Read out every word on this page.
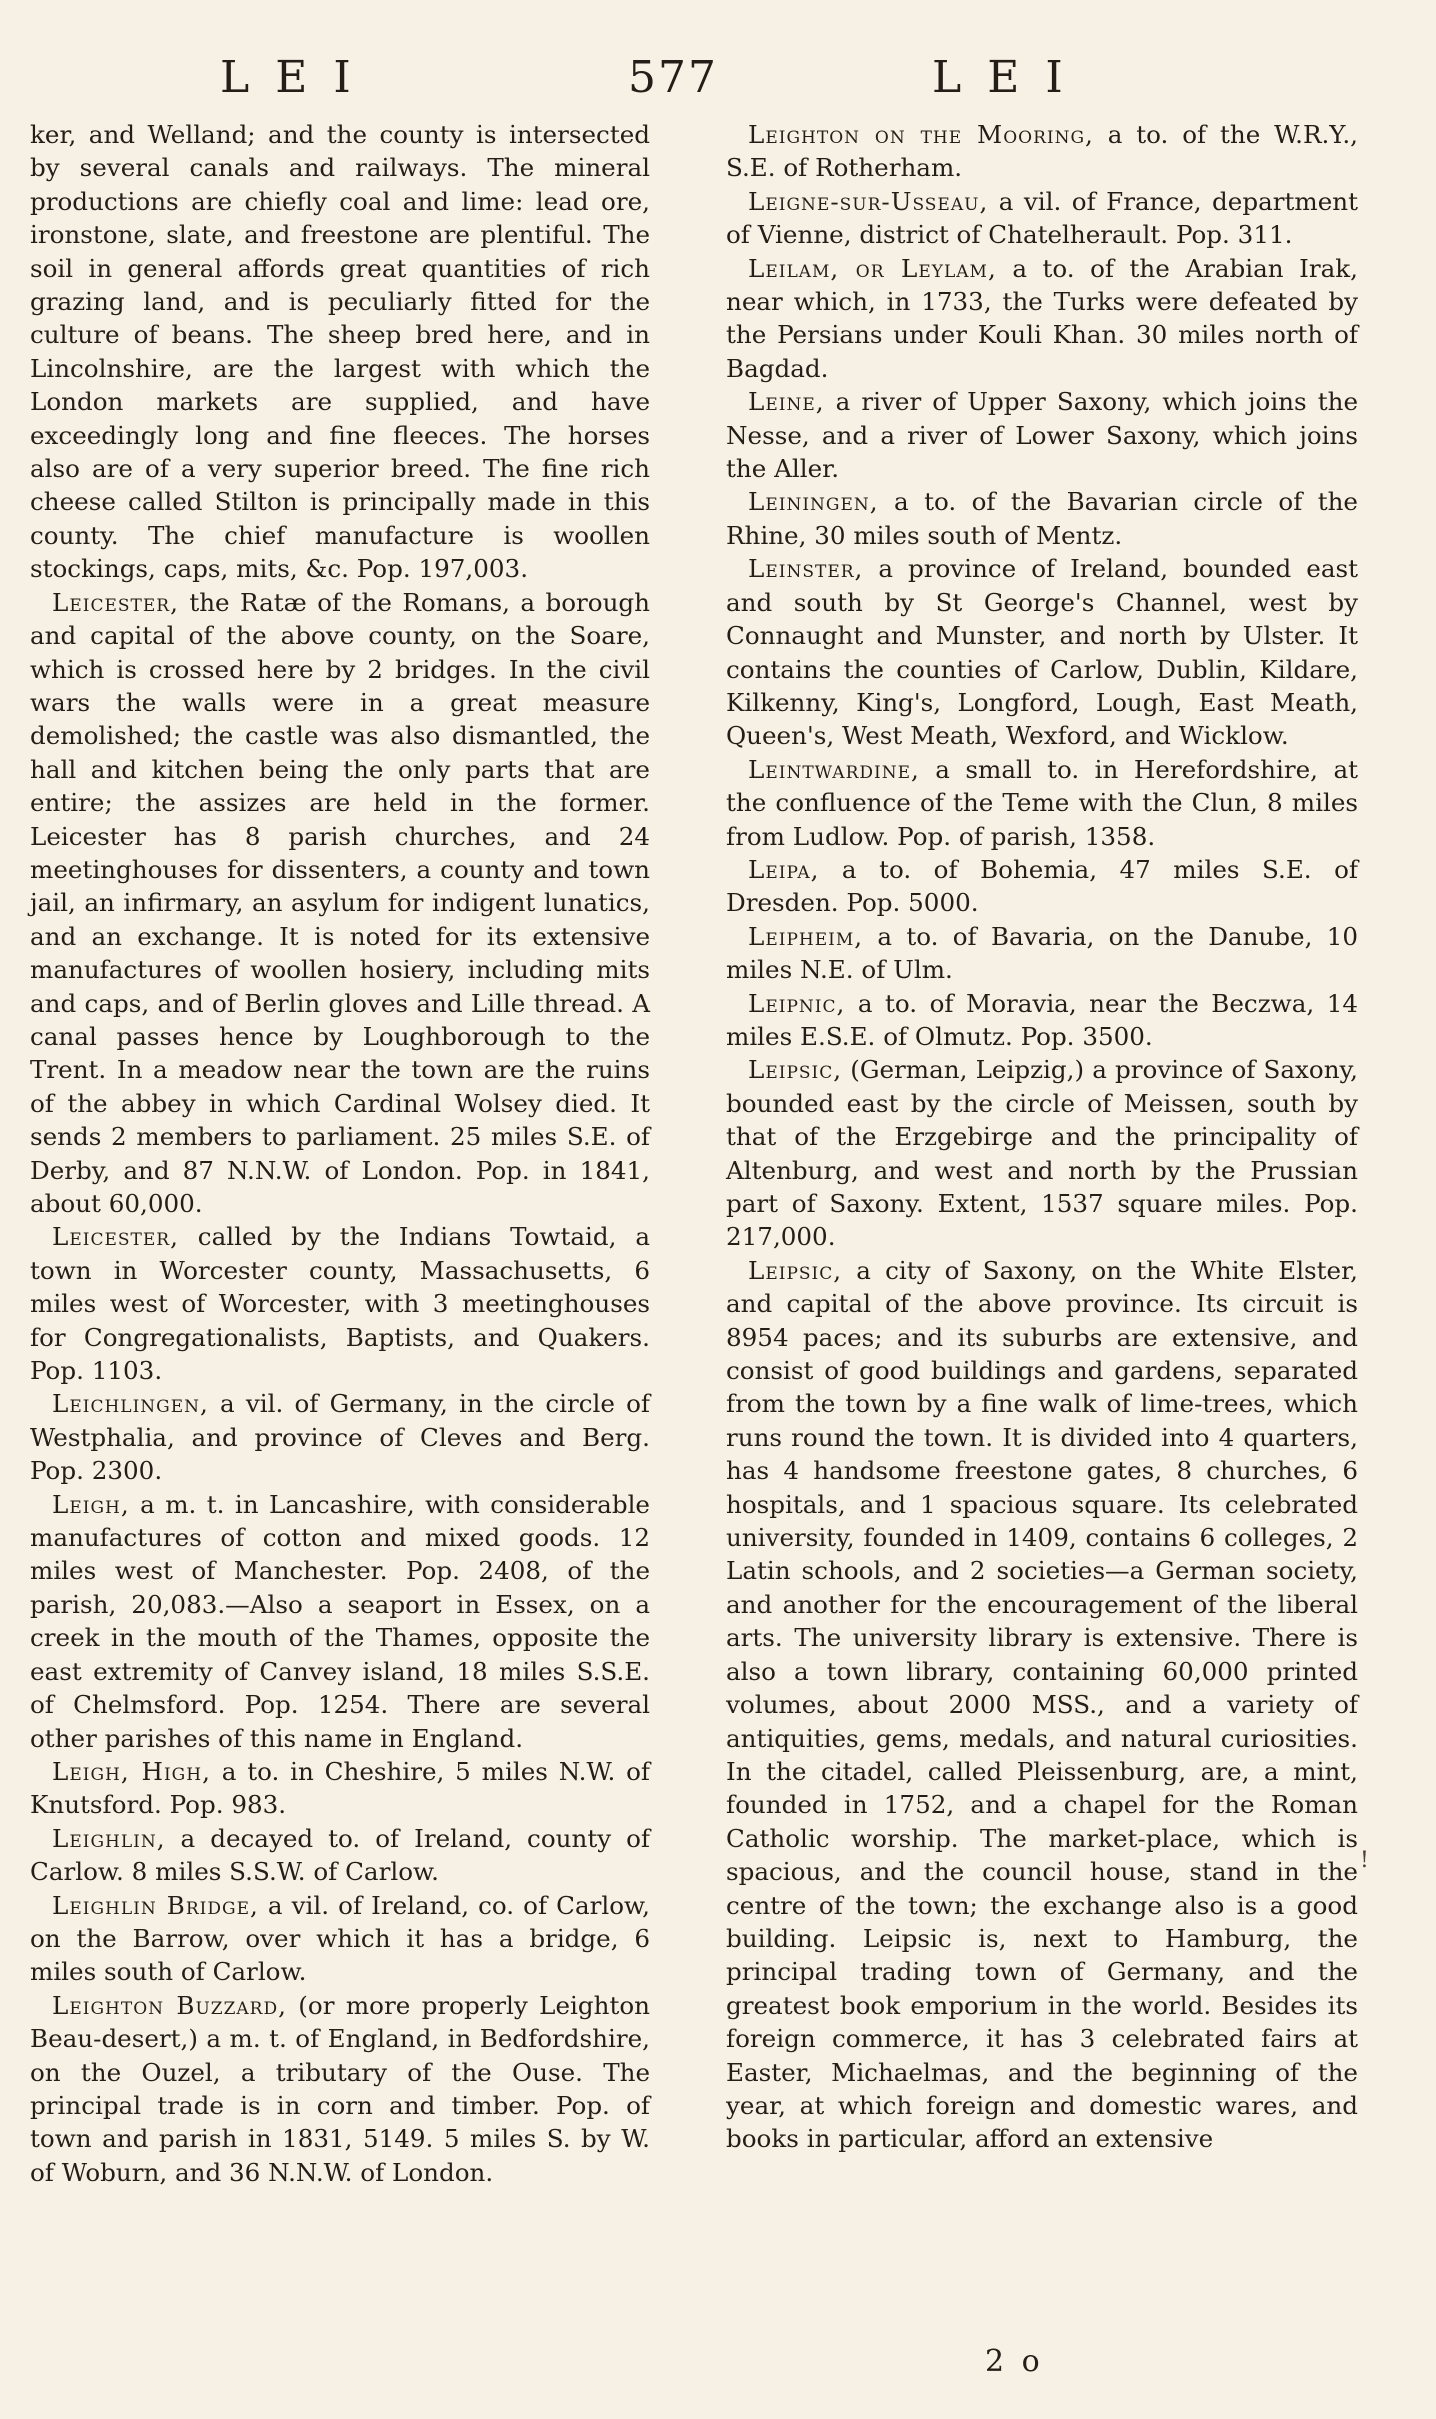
LEI	577	LEI

ker, and Welland; and the county is intersected by several canals and railways. The mineral productions are chiefly coal and lime: lead ore, ironstone, slate, and freestone are plentiful. The soil in general affords great quantities of rich grazing land, and is peculiarly fitted for the culture of beans. The sheep bred here, and in Lincolnshire, are the largest with which the London markets are supplied, and have exceedingly long and fine fleeces. The horses also are of a very superior breed. The fine rich cheese called Stilton is principally made in this county. The chief manufacture is woollen stockings, caps, mits, &c. Pop. 197,003.

Leicester, the Ratæ of the Romans, a borough and capital of the above county, on the Soare, which is crossed here by 2 bridges. In the civil wars the walls were in a great measure demolished; the castle was also dismantled, the hall and kitchen being the only parts that are entire; the assizes are held in the former. Leicester has 8 parish churches, and 24 meetinghouses for dissenters, a county and town jail, an infirmary, an asylum for indigent lunatics, and an exchange. It is noted for its extensive manufactures of woollen hosiery, including mits and caps, and of Berlin gloves and Lille thread. A canal passes hence by Loughborough to the Trent. In a meadow near the town are the ruins of the abbey in which Cardinal Wolsey died. It sends 2 members to parliament. 25 miles S.E. of Derby, and 87 N.N.W. of London. Pop. in 1841, about 60,000.

Leicester, called by the Indians Towtaid, a town in Worcester county, Massachusetts, 6 miles west of Worcester, with 3 meetinghouses for Congregationalists, Baptists, and Quakers. Pop. 1103.

Leichlingen, a vil. of Germany, in the circle of Westphalia, and province of Cleves and Berg. Pop. 2300.

Leigh, a m. t. in Lancashire, with considerable manufactures of cotton and mixed goods. 12 miles west of Manchester. Pop. 2408, of the parish, 20,083.—Also a seaport in Essex, on a creek in the mouth of the Thames, opposite the east extremity of Canvey island, 18 miles S.S.E. of Chelmsford. Pop. 1254. There are several other parishes of this name in England.

Leigh, High, a to. in Cheshire, 5 miles N.W. of Knutsford. Pop. 983.

Leighlin, a decayed to. of Ireland, county of Carlow. 8 miles S.S.W. of Carlow.

Leighlin Bridge, a vil. of Ireland, co. of Carlow, on the Barrow, over which it has a bridge, 6 miles south of Carlow.

Leighton Buzzard, (or more properly Leighton Beau-desert,) a m. t. of England, in Bedfordshire, on the Ouzel, a tributary of the Ouse. The principal trade is in corn and timber. Pop. of town and parish in 1831, 5149. 5 miles S. by W. of Woburn, and 36 N.N.W. of London.

Leighton on the Mooring, a to. of the W.R.Y., S.E. of Rotherham.

Leigne-sur-Usseau, a vil. of France, department of Vienne, district of Chatelherault. Pop. 311.

Leilam, or Leylam, a to. of the Arabian Irak, near which, in 1733, the Turks were defeated by the Persians under Kouli Khan. 30 miles north of Bagdad.

Leine, a river of Upper Saxony, which joins the Nesse, and a river of Lower Saxony, which joins the Aller.

Leiningen, a to. of the Bavarian circle of the Rhine, 30 miles south of Mentz.

Leinster, a province of Ireland, bounded east and south by St George's Channel, west by Connaught and Munster, and north by Ulster. It contains the counties of Carlow, Dublin, Kildare, Kilkenny, King's, Longford, Lough, East Meath, Queen's, West Meath, Wexford, and Wicklow.

Leintwardine, a small to. in Herefordshire, at the confluence of the Teme with the Clun, 8 miles from Ludlow. Pop. of parish, 1358.

Leipa, a to. of Bohemia, 47 miles S.E. of Dresden. Pop. 5000.

Leipheim, a to. of Bavaria, on the Danube, 10 miles N.E. of Ulm.

Leipnic, a to. of Moravia, near the Beczwa, 14 miles E.S.E. of Olmutz. Pop. 3500.

Leipsic, (German, Leipzig,) a province of Saxony, bounded east by the circle of Meissen, south by that of the Erzgebirge and the principality of Altenburg, and west and north by the Prussian part of Saxony. Extent, 1537 square miles. Pop. 217,000.

Leipsic, a city of Saxony, on the White Elster, and capital of the above province. Its circuit is 8954 paces; and its suburbs are extensive, and consist of good buildings and gardens, separated from the town by a fine walk of lime-trees, which runs round the town. It is divided into 4 quarters, has 4 handsome freestone gates, 8 churches, 6 hospitals, and 1 spacious square. Its celebrated university, founded in 1409, contains 6 colleges, 2 Latin schools, and 2 societies—a German society, and another for the encouragement of the liberal arts. The university library is extensive. There is also a town library, containing 60,000 printed volumes, about 2000 MSS., and a variety of antiquities, gems, medals, and natural curiosities. In the citadel, called Pleissenburg, are, a mint, founded in 1752, and a chapel for the Roman Catholic worship. The market-place, which is spacious, and the council house, stand in the centre of the town; the exchange also is a good building. Leipsic is, next to Hamburg, the principal trading town of Germany, and the greatest book emporium in the world. Besides its foreign commerce, it has 3 celebrated fairs at Easter, Michaelmas, and the beginning of the year, at which foreign and domestic wares, and books in particular, afford an extensive

!
2 o
